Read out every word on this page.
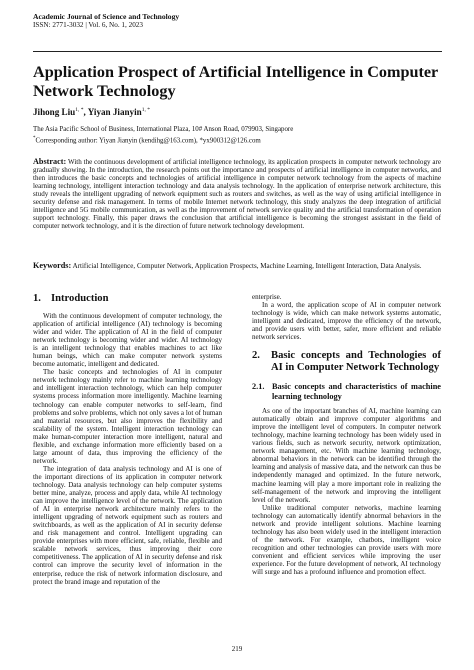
Academic Journal of Science and Technology
ISSN: 2771-3032 | Vol. 6, No. 1, 2023
Application Prospect of Artificial Intelligence in Computer Network Technology
Jihong Liu$^{1, *}$, Yiyan Jianyin$^{1, *}$
The Asia Pacific School of Business, International Plaza, 10# Anson Road, 079903, Singapore
*Corresponding author: Yiyan Jianyin (kendihg@163.com), *yx900312@126.com

Abstract: With the continuous development of artificial intelligence technology, its application prospects in computer network technology are gradually showing. In the introduction, the research points out the importance and prospects of artificial intelligence in computer networks, and then introduces the basic concepts and technologies of artificial intelligence in computer network technology from the aspects of machine learning technology, intelligent interaction technology and data analysis technology. In the application of enterprise network architecture, this study reveals the intelligent upgrading of network equipment such as routers and switches, as well as the way of using artificial intelligence in security defense and risk management. In terms of mobile Internet network technology, this study analyzes the deep integration of artificial intelligence and 5G mobile communication, as well as the improvement of network service quality and the artificial transformation of operation support technology. Finally, this paper draws the conclusion that artificial intelligence is becoming the strongest assistant in the field of computer network technology, and it is the direction of future network technology development.

Keywords: Artificial Intelligence, Computer Network, Application Prospects, Machine Learning, Intelligent Interaction, Data Analysis.

1. Introduction

With the continuous development of computer technology, the application of artificial intelligence (AI) technology is becoming wider and wider. The application of AI in the field of computer network technology is becoming wider and wider. AI technology is an intelligent technology that enables machines to act like human beings, which can make computer network systems become automatic, intelligent and dedicated.

The basic concepts and technologies of AI in computer network technology mainly refer to machine learning technology and intelligent interaction technology, which can help computer systems process information more intelligently. Machine learning technology can enable computer networks to self-learn, find problems and solve problems, which not only saves a lot of human and material resources, but also improves the flexibility and scalability of the system. Intelligent interaction technology can make human-computer interaction more intelligent, natural and flexible, and exchange information more efficiently based on a large amount of data, thus improving the efficiency of the network.

The integration of data analysis technology and AI is one of the important directions of its application in computer network technology. Data analysis technology can help computer systems better mine, analyze, process and apply data, while AI technology can improve the intelligence level of the network. The application of AI in enterprise network architecture mainly refers to the intelligent upgrading of network equipment such as routers and switchboards, as well as the application of AI in security defense and risk management and control. Intelligent upgrading can provide enterprises with more efficient, safe, reliable, flexible and scalable network services, thus improving their core competitiveness. The application of AI in security defense and risk control can improve the security level of information in the enterprise, reduce the risk of network information disclosure, and protect the brand image and reputation of the

enterprise.

In a word, the application scope of AI in computer network technology is wide, which can make network systems automatic, intelligent and dedicated, improve the efficiency of the network, and provide users with better, safer, more efficient and reliable network services.

2.	Basic concepts and Technologies of AI in Computer Network Technology
2.1. Basic concepts and characteristics of machine learning technology

As one of the important branches of AI, machine learning can automatically obtain and improve computer algorithms and improve the intelligent level of computers. In computer network technology, machine learning technology has been widely used in various fields, such as network security, network optimization, network management, etc. With machine learning technology, abnormal behaviors in the network can be identified through the learning and analysis of massive data, and the network can thus be independently managed and optimized. In the future network, machine learning will play a more important role in realizing the self-management of the network and improving the intelligent level of the network.

Unlike traditional computer networks, machine learning technology can automatically identify abnormal behaviors in the network and provide intelligent solutions. Machine learning technology has also been widely used in the intelligent interaction of the network. For example, chatbots, intelligent voice recognition and other technologies can provide users with more convenient and efficient services while improving the user experience. For the future development of network, AI technology will surge and has a profound influence and promotion effect.

219
